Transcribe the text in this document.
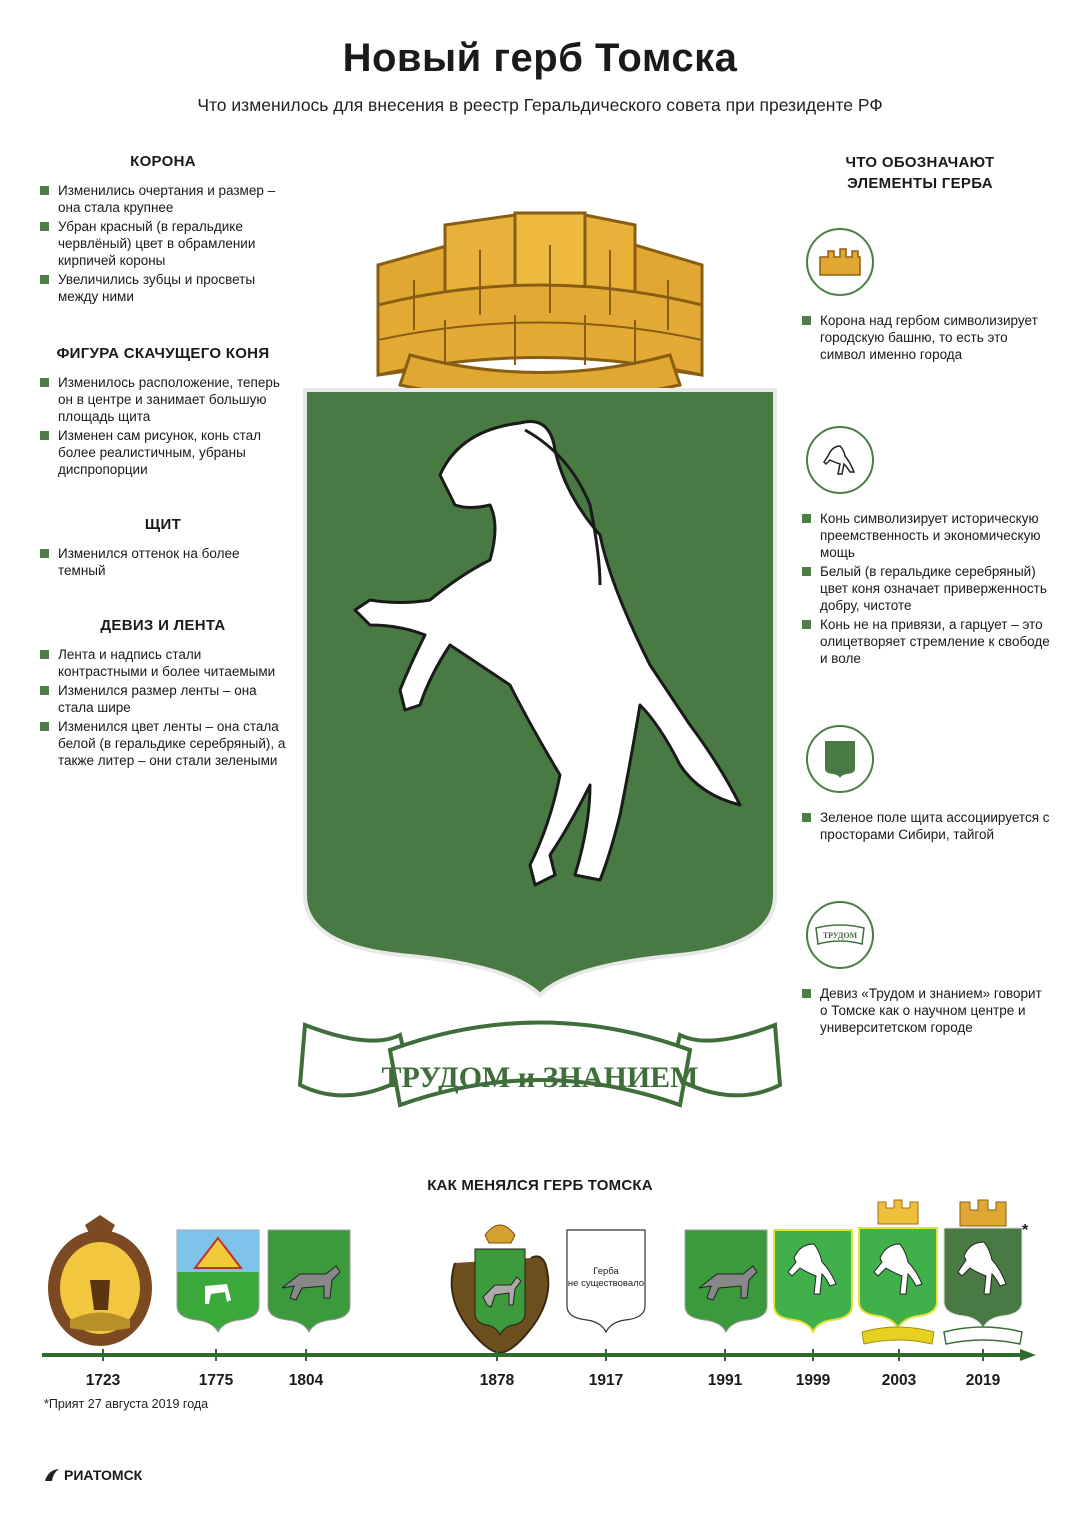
Новый герб Томска
Что изменилось для внесения в реестр Геральдического совета при президенте РФ
КОРОНА
Изменились очертания и размер – она стала крупнее
Убран красный (в геральдике червлёный) цвет в обрамлении кирпичей короны
Увеличились зубцы и просветы между ними
ФИГУРА СКАЧУЩЕГО КОНЯ
Изменилось расположение, теперь он в центре и занимает большую площадь щита
Изменен сам рисунок, конь стал более реалистичным, убраны диспропорции
ЩИТ
Изменился оттенок на более темный
ДЕВИЗ И ЛЕНТА
Лента и надпись стали контрастными и более читаемыми
Изменился размер ленты – она стала шире
Изменился цвет ленты – она стала белой (в геральдике серебряный), а также литер – они стали зелеными
ТРУДОМ и ЗНАНИЕМ
ЧТО ОБОЗНАЧАЮТ
ЭЛЕМЕНТЫ ГЕРБА
Корона над гербом символизирует городскую башню, то есть это символ именно города
Конь символизирует историческую преемственность и экономическую мощь
Белый (в геральдике серебряный) цвет коня означает приверженность добру, чистоте
Конь не на привязи, а гарцует – это олицетворяет стремление к свободе и воле
Зеленое поле щита ассоциируется с просторами Сибири, тайгой
ТРУДОМ
Девиз «Трудом и знанием» говорит о Томске как о научном центре и университетском городе
КАК МЕНЯЛСЯ ГЕРБ ТОМСКА
Герба
не существовало
*
1723	1775	1804	1878	1917	1991	1999	2003	2019
*Прият 27 августа 2019 года
РИАТОМСК
